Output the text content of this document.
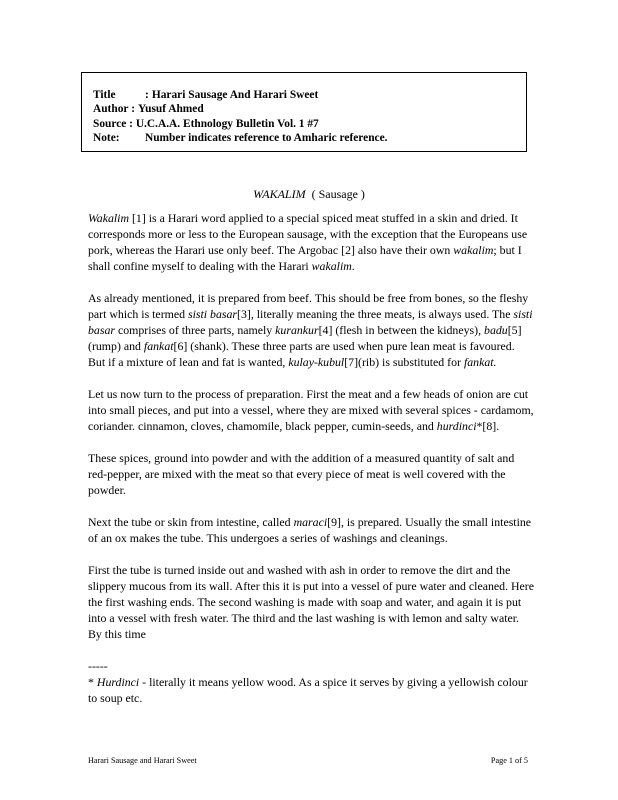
Title	:
Harari Sausage And Harari Sweet
Author : Yusuf Ahmed
Source : U.C.A.A. Ethnology Bulletin Vol. 1 #7
Note:	Number indicates reference to Amharic reference.
WAKALIM ( Sausage )

Wakalim [1] is a Harari word applied to a special spiced meat stuffed in a skin and dried. It corresponds more or less to the European sausage, with the exception that the Europeans use pork, whereas the Harari use only beef. The Argobac [2] also have their own wakalim; but I shall confine myself to dealing with the Harari wakalim.

As already mentioned, it is prepared from beef. This should be free from bones, so the fleshy part which is termed sisti basar[3], literally meaning the three meats, is always used. The sisti basar comprises of three parts, namely kurankur[4] (flesh in between the kidneys), badu[5] (rump) and fankat[6] (shank). These three parts are used when pure lean meat is favoured. But if a mixture of lean and fat is wanted, kulay-kubul[7](rib) is substituted for fankat.

Let us now turn to the process of preparation. First the meat and a few heads of onion are cut into small pieces, and put into a vessel, where they are mixed with several spices - cardamom, coriander. cinnamon, cloves, chamomile, black pepper, cumin-seeds, and hurdinci*[8].

These spices, ground into powder and with the addition of a measured quantity of salt and red-pepper, are mixed with the meat so that every piece of meat is well covered with the powder.

Next the tube or skin from intestine, called maraci[9], is prepared. Usually the small intestine of an ox makes the tube. This undergoes a series of washings and cleanings.

First the tube is turned inside out and washed with ash in order to remove the dirt and the slippery mucous from its wall. After this it is put into a vessel of pure water and cleaned. Here the first washing ends. The second washing is made with soap and water, and again it is put into a vessel with fresh water. The third and the last washing is with lemon and salty water. By this time

-----
* Hurdinci - literally it means yellow wood. As a spice it serves by giving a yellowish colour to soup etc.
Harari Sausage and Harari Sweet	Page 1 of 5
